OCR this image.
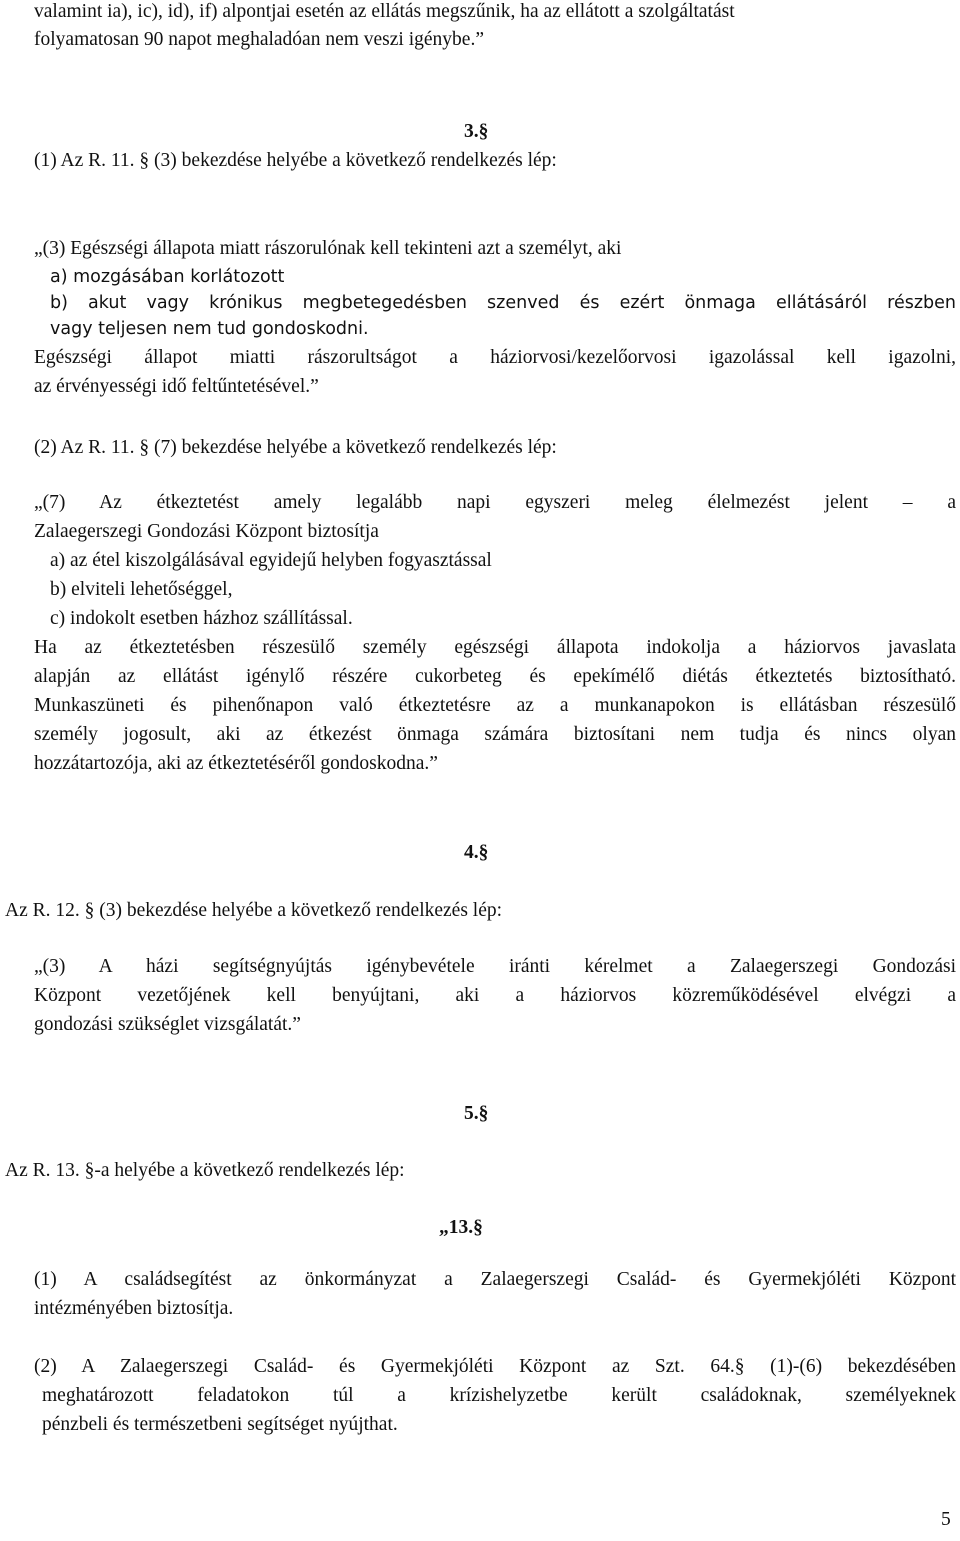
valamint ia), ic), id), if) alpontjai esetén az ellátás megszűnik, ha az ellátott a szolgáltatást
folyamatosan 90 napot meghaladóan nem veszi igénybe.”
3.§
(1) Az R. 11. § (3) bekezdése helyébe a következő rendelkezés lép:
„(3) Egészségi állapota miatt rászorulónak kell tekinteni azt a személyt, aki
a) mozgásában korlátozott
b) akut vagy krónikus megbetegedésben szenved és ezért önmaga ellátásáról részben
vagy teljesen nem tud gondoskodni.
Egészségi állapot miatti rászorultságot a háziorvosi/kezelőorvosi igazolással kell igazolni,
az érvényességi idő feltűntetésével.”
(2) Az R. 11. § (7) bekezdése helyébe a következő rendelkezés lép:
„(7) Az étkeztetést amely legalább napi egyszeri meleg élelmezést jelent – a
Zalaegerszegi Gondozási Központ biztosítja
a) az étel kiszolgálásával egyidejű helyben fogyasztással
b) elviteli lehetőséggel,
c) indokolt esetben házhoz szállítással.
Ha az étkeztetésben részesülő személy egészségi állapota indokolja a háziorvos javaslata
alapján az ellátást igénylő részére cukorbeteg és epekímélő diétás étkeztetés biztosítható.
Munkaszüneti és pihenőnapon való étkeztetésre az a munkanapokon is ellátásban részesülő
személy jogosult, aki az étkezést önmaga számára biztosítani nem tudja és nincs olyan
hozzátartozója, aki az étkeztetéséről gondoskodna.”
4.§
Az R. 12. § (3) bekezdése helyébe a következő rendelkezés lép:
„(3) A házi segítségnyújtás igénybevétele iránti kérelmet a Zalaegerszegi Gondozási
Központ vezetőjének kell benyújtani, aki a háziorvos közreműködésével elvégzi a
gondozási szükséglet vizsgálatát.”
5.§
Az R. 13. §-a helyébe a következő rendelkezés lép:
„13.§
(1) A családsegítést az önkormányzat a Zalaegerszegi Család- és Gyermekjóléti Központ
intézményében biztosítja.
(2) A Zalaegerszegi Család- és Gyermekjóléti Központ az Szt. 64.§ (1)-(6) bekezdésében
meghatározott feladatokon túl a krízishelyzetbe került családoknak, személyeknek
pénzbeli és természetbeni segítséget nyújthat.
5
